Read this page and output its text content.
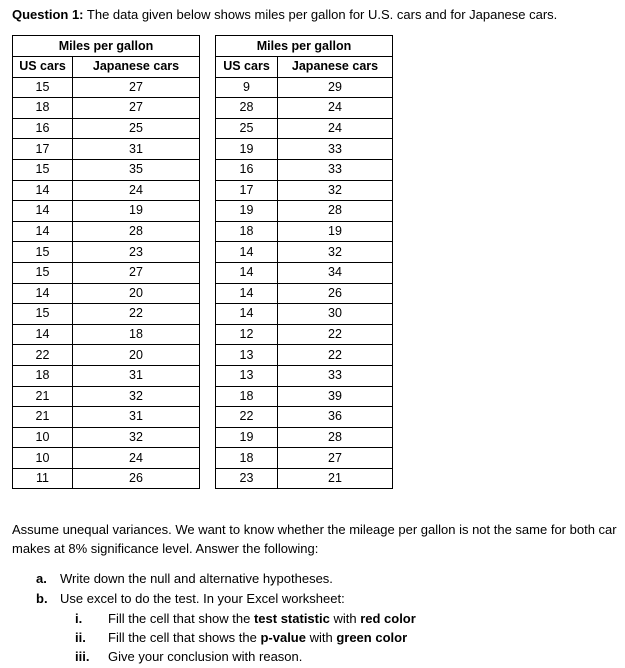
Question 1: The data given below shows miles per gallon for U.S. cars and for Japanese cars.
Miles per gallon	
US cars	Japanese cars
15	27
18	27
16	25
17	31
15	35
14	24
14	19
14	28
15	23
15	27
14	20
15	22
14	18
22	20
18	31
21	32
21	31
10	32
10	24
11	26
Miles per gallon	
US cars	Japanese cars
9	29
28	24
25	24
19	33
16	33
17	32
19	28
18	19
14	32
14	34
14	26
14	30
12	22
13	22
13	33
18	39
22	36
19	28
18	27
23	21
Assume unequal variances. We want to know whether the mileage per gallon is not the same for both car makes at 8% significance level. Answer the following:
a. Write down the null and alternative hypotheses.
b. Use excel to do the test. In your Excel worksheet:
i. Fill the cell that show the test statistic with red color
ii. Fill the cell that shows the p-value with green color
iii. Give your conclusion with reason.
